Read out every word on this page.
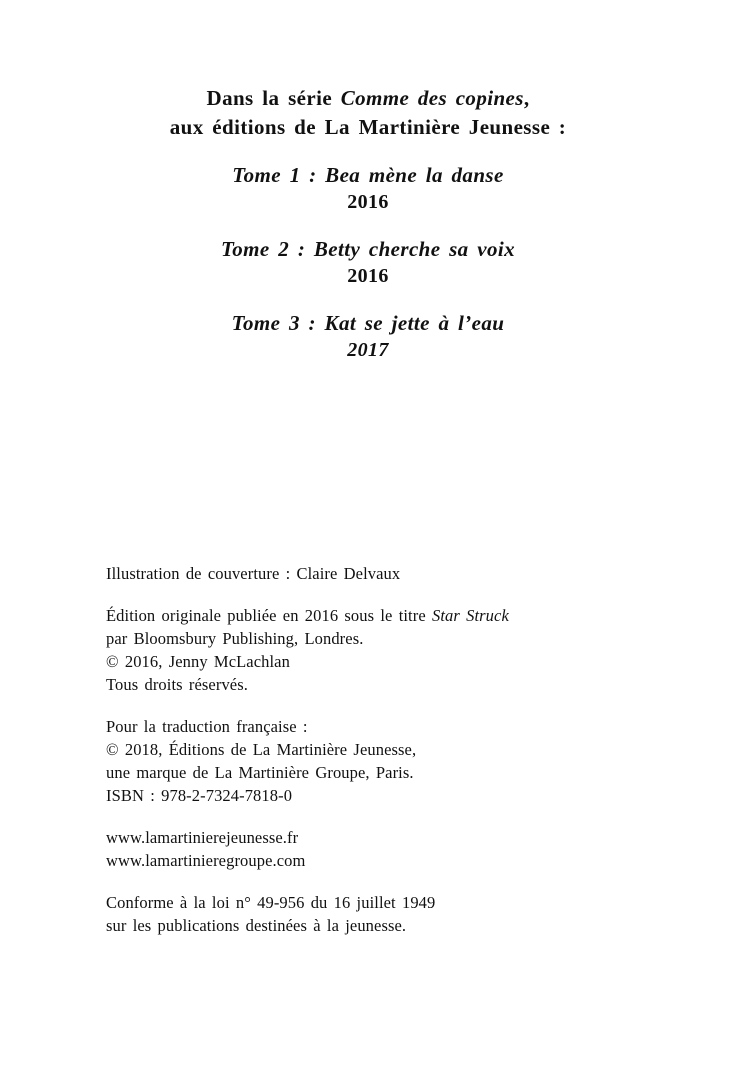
Dans la série Comme des copines,
aux éditions de La Martinière Jeunesse :
Tome 1 : Bea mène la danse
2016
Tome 2 : Betty cherche sa voix
2016
Tome 3 : Kat se jette à l’eau
2017

Illustration de couverture : Claire Delvaux

Édition originale publiée en 2016 sous le titre Star Struck
par Bloomsbury Publishing, Londres.
© 2016, Jenny McLachlan
Tous droits réservés.

Pour la traduction française :
© 2018, Éditions de La Martinière Jeunesse,
une marque de La Martinière Groupe, Paris.
ISBN : 978-2-7324-7818-0

www.lamartinierejeunesse.fr
www.lamartinieregroupe.com

Conforme à la loi n° 49-956 du 16 juillet 1949
sur les publications destinées à la jeunesse.
